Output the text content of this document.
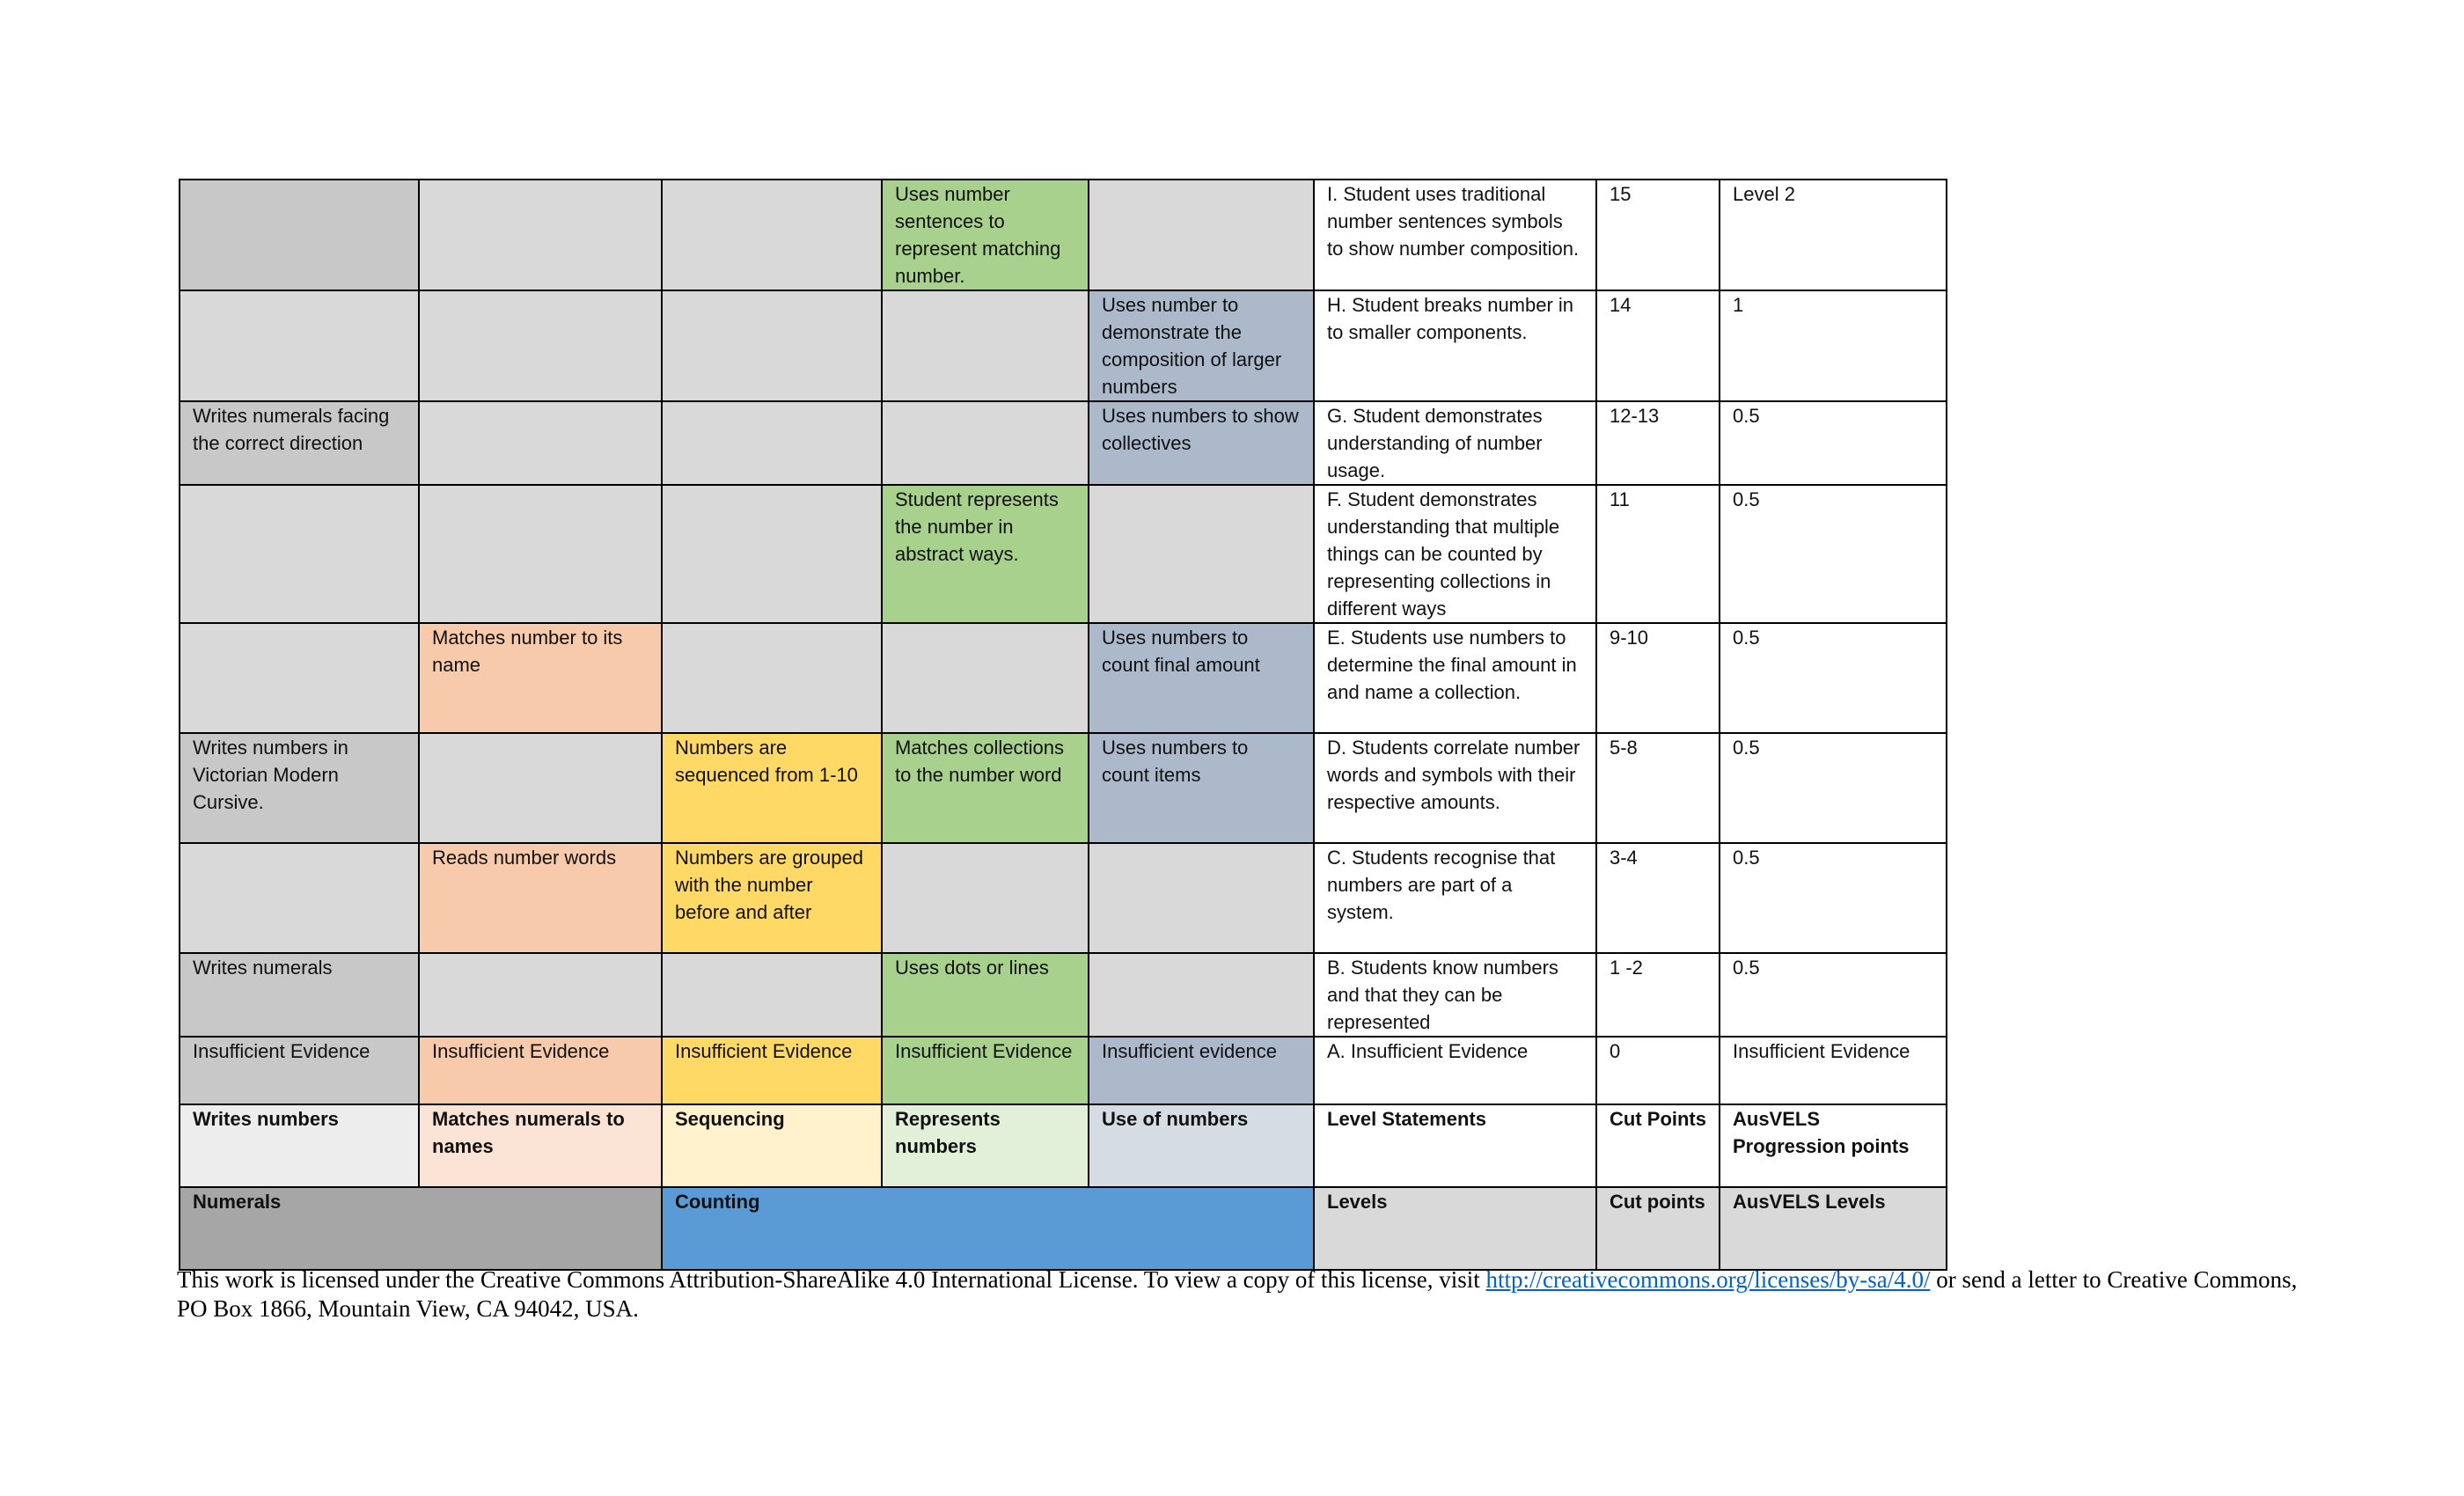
			Uses number sentences to represent matching number.		I. Student uses traditional number sentences symbols to show number composition.	15	Level 2
				Uses number to demonstrate the composition of larger numbers	H. Student breaks number in to smaller components.	14	1
Writes numerals facing the correct direction				Uses numbers to show collectives	G. Student demonstrates understanding of number usage.	12-13	0.5
			Student represents the number in abstract ways.		F. Student demonstrates understanding that multiple things can be counted by representing collections in different ways	11	0.5
	Matches number to its name			Uses numbers to count final amount	E. Students use numbers to determine the final amount in and name a collection.	9-10	0.5
Writes numbers in Victorian Modern Cursive.		Numbers are sequenced from 1-10	Matches collections to the number word	Uses numbers to count items	D. Students correlate number words and symbols with their respective amounts.	5-8	0.5
	Reads number words	Numbers are grouped with the number before and after			C. Students recognise that numbers are part of a system.	3-4	0.5
Writes numerals			Uses dots or lines		B. Students know numbers and that they can be represented	1 -2	0.5
Insufficient Evidence	Insufficient Evidence	Insufficient Evidence	Insufficient Evidence	Insufficient evidence	A. Insufficient Evidence	0	Insufficient Evidence
Writes numbers	Matches numerals to names	Sequencing	Represents numbers	Use of numbers	Level Statements	Cut Points	AusVELS Progression points
Numerals		Counting			Levels	Cut points	AusVELS Levels
This work is licensed under the Creative Commons Attribution-ShareAlike 4.0 International License. To view a copy of this license, visit http://creativecommons.org/licenses/by-sa/4.0/ or send a letter to Creative Commons, PO Box 1866, Mountain View, CA 94042, USA.
